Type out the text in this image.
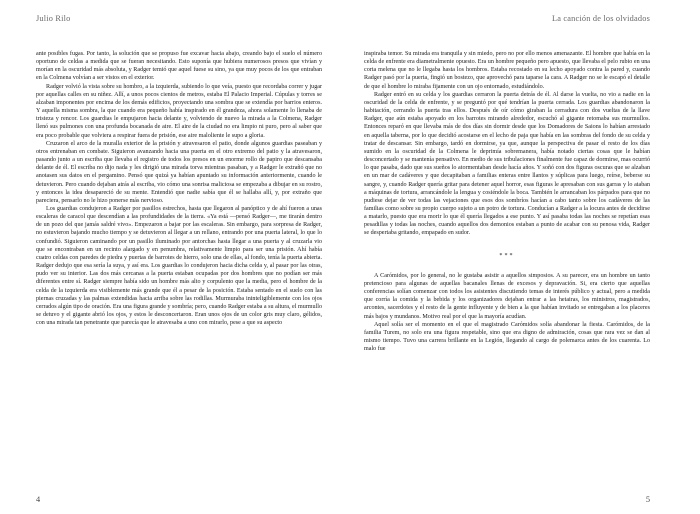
Julio Rilo

ante posibles fugas. Por tanto, la solución que se propuso fue excavar hacia abajo, creando bajo el suelo el número oportuno de celdas a medida que se fueran necesitando. Esto suponía que hubiera numerosos presos que vivían y morían en la oscuridad más absoluta, y Radger temió que aquel fuese su sino, ya que muy pocos de los que entraban en la Colmena volvían a ser vistos en el exterior.

Radger volvió la vista sobre su hombro, a la izquierda, subiendo lo que veía, puesto que recordaba correr y jugar por aquellas calles en su niñez. Allí, a unos pocos cientos de metros, estaba El Palacio Imperial. Cúpulas y torres se alzaban imponentes por encima de los demás edificios, proyectando una sombra que se extendía por barrios enteros. Y aquella misma sombra, la que cuando era pequeño había inspirado en él grandeza, ahora solamente lo llenaba de tristeza y rencor. Los guardias le empujaron hacia delante y, volviendo de nuevo la mirada a la Colmena, Radger llenó sus pulmones con una profunda bocanada de aire. El aire de la ciudad no era limpio ni puro, pero al saber que era poco probable que volviera a respirar fuera de prisión, ese aire maloliente le supo a gloria.

Cruzaron el arco de la muralla exterior de la prisión y atravesaron el patio, donde algunos guardias paseaban y otros entrenaban en combate. Siguieron avanzando hacia una puerta en el otro extremo del patio y la atravesaron, pasando junto a un escriba que llevaba el registro de todos los presos en un enorme rollo de papiro que descansaba delante de él. El escriba no dijo nada y les dirigió una mirada torva mientras pasaban, y a Radger le extrañó que no anotasen sus datos en el pergamino. Pensó que quizá ya habían apuntado su información anteriormente, cuando le detuvieron. Pero cuando dejaban atrás al escriba, vio cómo una sonrisa maliciosa se empezaba a dibujar en su rostro, y entonces la idea desapareció de su mente. Entendió que nadie sabía que él se hallaba allí, y, por extraño que pareciera, pensarlo no le hizo ponerse más nervioso.

Los guardias condujeron a Radger por pasillos estrechos, hasta que llegaron al panóptico y de ahí fueron a unas escaleras de caracol que descendían a las profundidades de la tierra. «Ya está —pensó Radger—, me tirarán dentro de un pozo del que jamás saldré vivo». Empezaron a bajar por las escaleras. Sin embargo, para sorpresa de Radger, no estuvieron bajando mucho tiempo y se detuvieron al llegar a un rellano, entrando por una puerta lateral, lo que lo confundió. Siguieron caminando por un pasillo iluminado por antorchas hasta llegar a una puerta y al cruzarla vio que se encontraban en un recinto alargado y en penumbra, relativamente limpio para ser una prisión. Ahí había cuatro celdas con paredes de piedra y puertas de barrotes de hierro, solo una de ellas, al fondo, tenía la puerta abierta. Radger dedujo que esa sería la suya, y así era. Los guardias lo condujeron hacia dicha celda y, al pasar por las otras, pudo ver su interior. Las dos más cercanas a la puerta estaban ocupadas por dos hombres que no podían ser más diferentes entre sí. Radger siempre había sido un hombre más alto y corpulento que la media, pero el hombre de la celda de la izquierda era visiblemente más grande que él a pesar de la posición. Estaba sentado en el suelo con las piernas cruzadas y las palmas extendidas hacia arriba sobre las rodillas. Murmuraba ininteligiblemente con los ojos cerrados algún tipo de oración. Era una figura grande y sombría; pero, cuando Radger estaba a su altura, el murmullo se detuvo y el gigante abrió los ojos, y estos le desconcertaron. Eran unos ojos de un color gris muy claro, gélidos, con una mirada tan penetrante que parecía que le atravesaba a uno con mirarlo, pese a que su aspecto

4
La canción de los olvidados

inspiraba temor. Su mirada era tranquila y sin miedo, pero no por ello menos amenazante. El hombre que había en la celda de enfrente era diametralmente opuesto. Era un hombre pequeño pero apuesto, que llevaba el pelo rubio en una corta melena que no le llegaba hasta los hombros. Estaba recostado en su lecho apoyado contra la pared y, cuando Radger pasó por la puerta, fingió un bostezo, que aprovechó para taparse la cara. A Radger no se le escapó el detalle de que el hombre lo miraba fijamente con un ojo entornado, estudiándolo.

Radger entró en su celda y los guardias cerraron la puerta detrás de él. Al darse la vuelta, no vio a nadie en la oscuridad de la celda de enfrente, y se preguntó por qué tendrían la puerta cerrada. Los guardias abandonaron la habitación, cerrando la puerta tras ellos. Después de oír cómo giraban la cerradura con dos vueltas de la llave Radger, que aún estaba apoyado en los barrotes mirando alrededor, escuchó al gigante retomaba sus murmullos. Entonces reparó en que llevaba más de dos días sin dormir desde que los Domadores de Saions lo habían arrestado en aquella taberna, por lo que decidió acostarse en el lecho de paja que había en las sombras del fondo de su celda y tratar de descansar. Sin embargo, tardó en dormirse, ya que, aunque la perspectiva de pasar el resto de los días sumido en la oscuridad de la Colmena le deprimía sobremanera, había notado ciertas cosas que le habían desconcertado y se mantenía pensativo. En medio de sus tribulaciones finalmente fue capaz de dormirse, mas ocurrió lo que pasaba, dado que sus sueños lo atormentaban desde hacía años. Y soñó con dos figuras oscuras que se alzaban en un mar de cadáveres y que decapitaban a familias enteras entre llantos y súplicas para luego, reírse, beberse su sangre, y, cuando Radger quería gritar para detener aquel horror, esas figuras le apresaban con sus garras y lo ataban a máquinas de tortura, arrancándole la lengua y cosiéndole la boca. También le arrancaban los párpados para que no pudiese dejar de ver todas las vejaciones que esos dos sombríos hacían a cabo tanto sobre los cadáveres de las familias como sobre su propio cuerpo sujeto a un potro de tortura. Conducían a Radger a la locura antes de decidirse a matarlo, puesto que era morir lo que él quería llegados a ese punto. Y así pasaba todas las noches se repetían esas pesadillas y todas las noches, cuando aquellos dos demonios estaban a punto de acabar con su penosa vida, Radger se despertaba gritando, empapado en sudor.

***

A Carómidos, por lo general, no le gustaba asistir a aquellos simposios. A su parecer, era un hombre un tanto pretencioso para algunas de aquellas bacanales llenas de excesos y depravación. Si, era cierto que aquellas conferencias solían comenzar con todos los asistentes discutiendo temas de interés público y actual, pero a medida que corría la comida y la bebida y los organizadores dejaban entrar a las hetairas, los ministros, magistrados, arcontes, sacerdotes y el resto de la gente influyente y de bien a la que habían invitado se entregaban a los placeres más bajos y mundanos. Motivo real por el que la mayoría acudían.

Aquel solía ser el momento en el que el magistrado Carómidos solía abandonar la fiesta. Carómidos, de la familia Turem, no solo era una figura respetable, sino que era digno de admiración, cosas que rara vez se dan al mismo tiempo. Tuvo una carrera brillante en la Legión, llegando al cargo de polemarca antes de los cuarenta. Lo malo fue

5
